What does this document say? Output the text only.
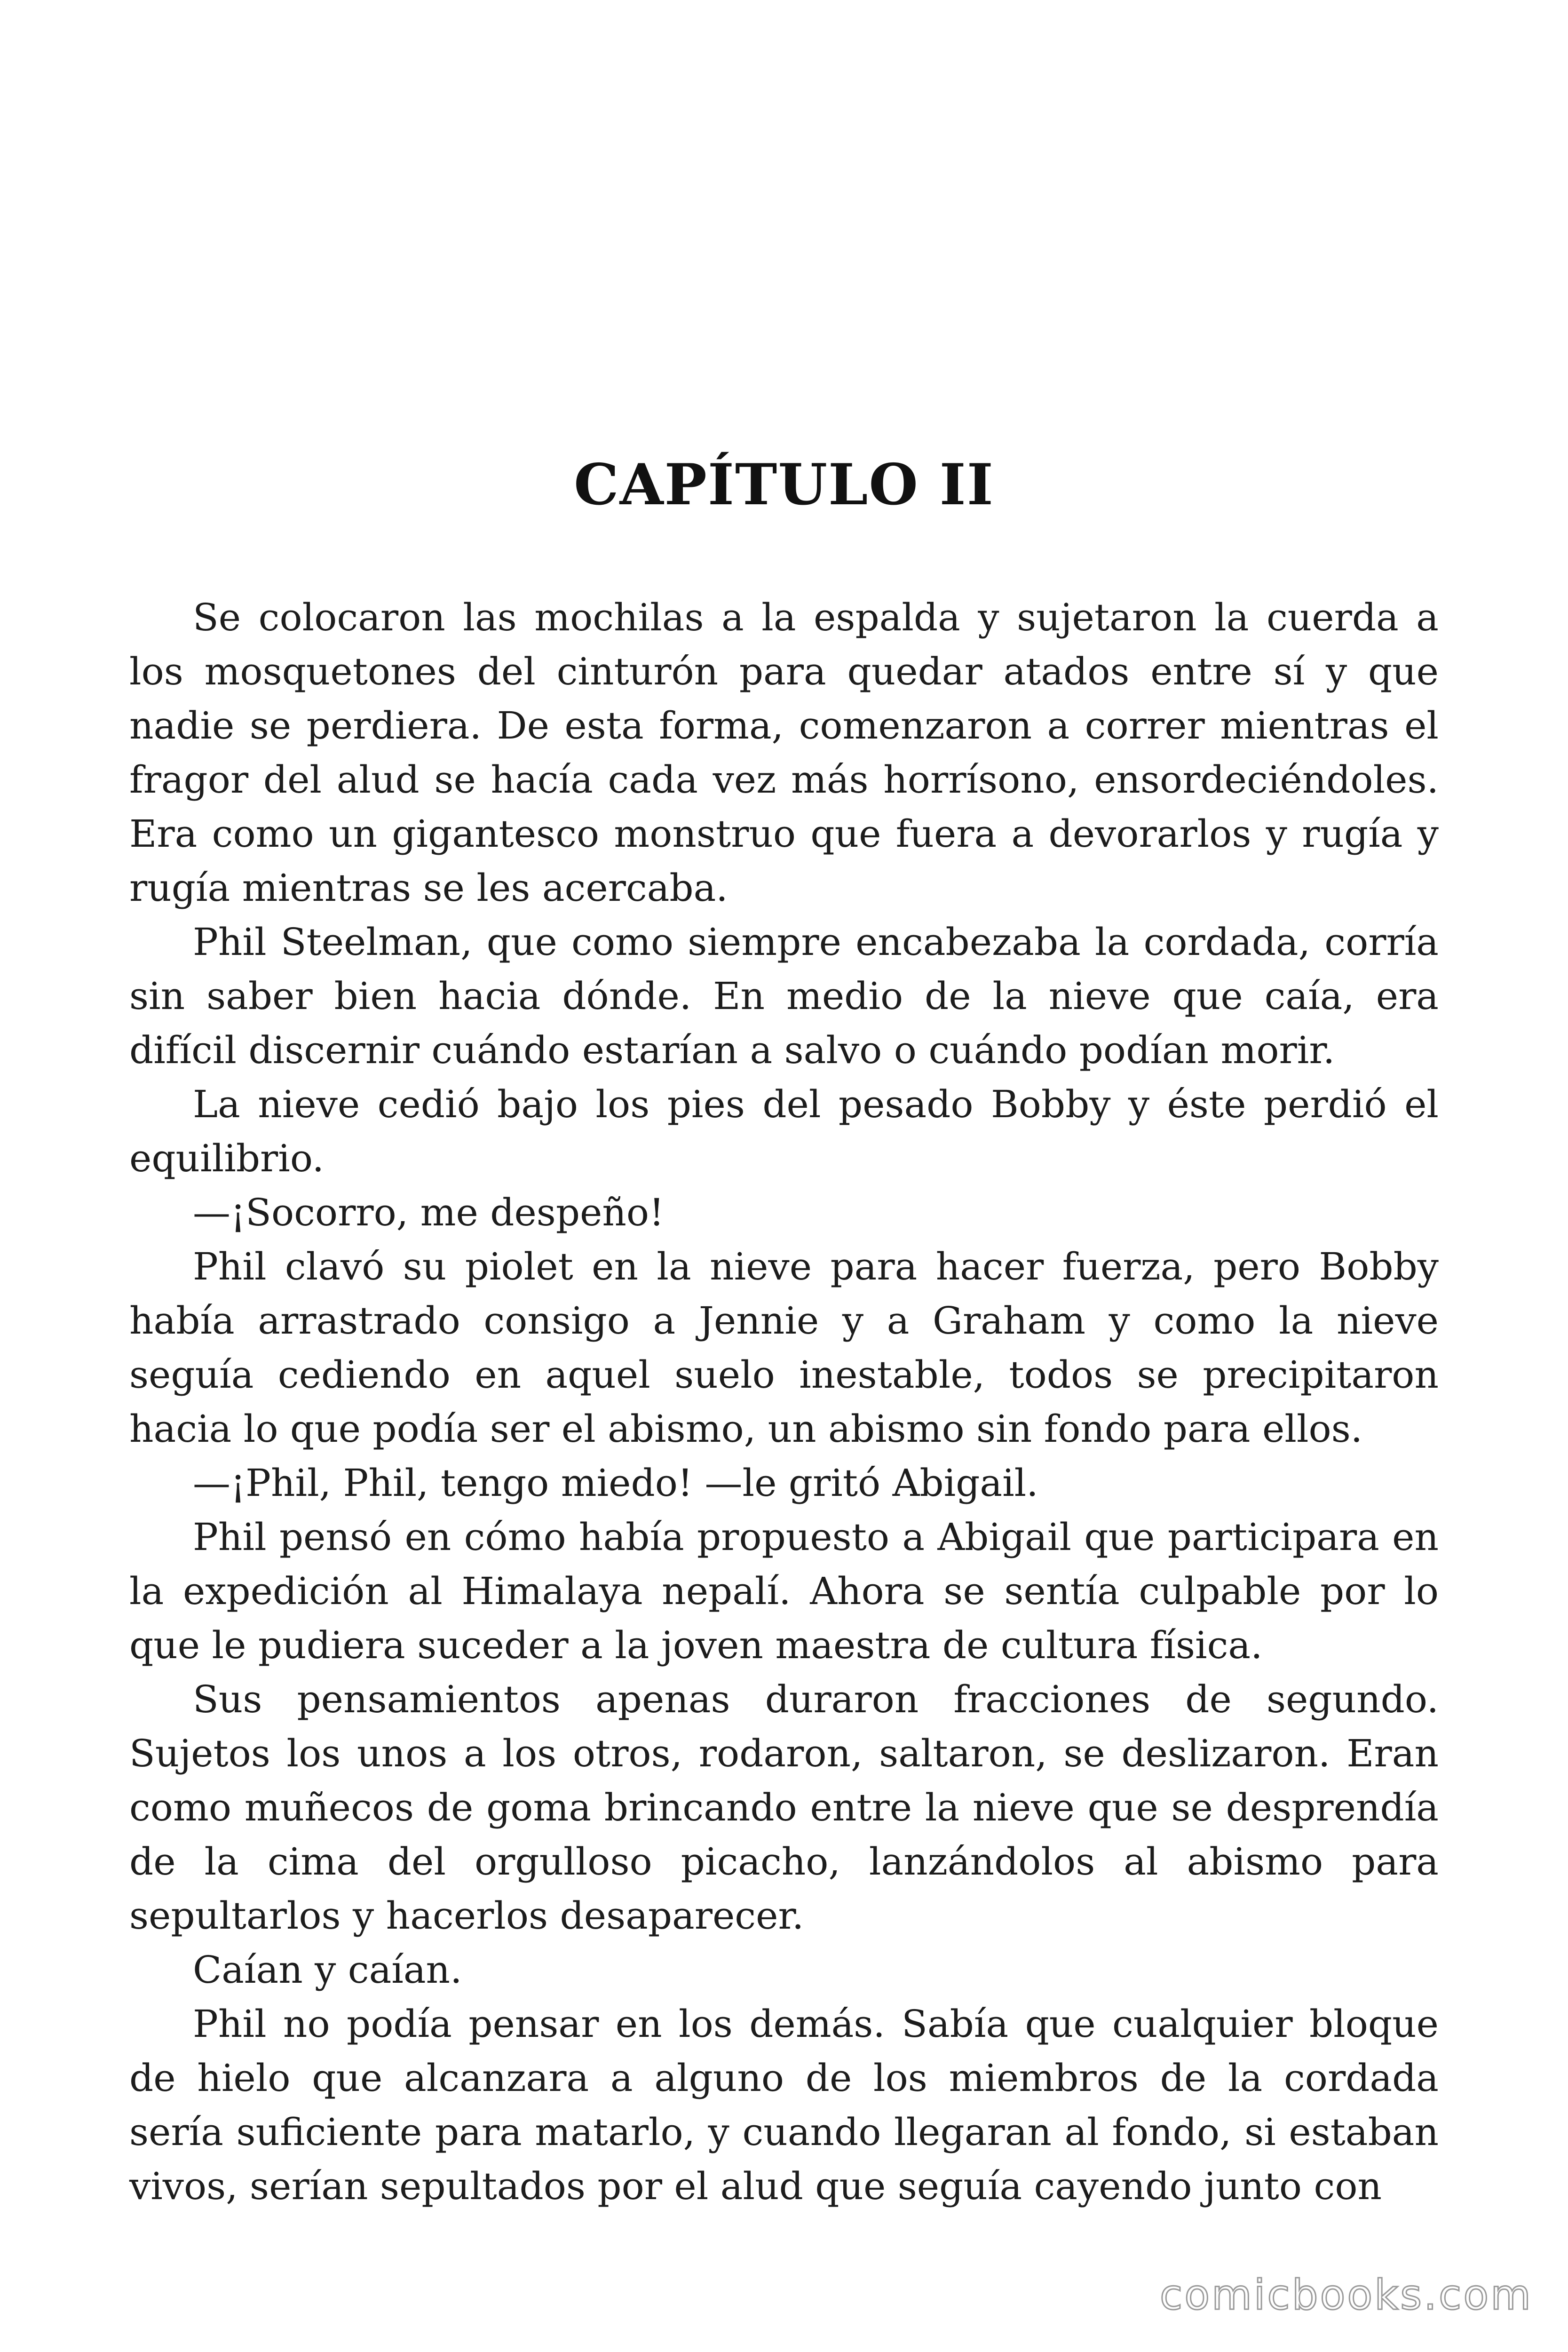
CAPÍTULO II

Se colocaron las mochilas a la espalda y sujetaron la cuerda a los mosquetones del cinturón para quedar atados entre sí y que nadie se perdiera. De esta forma, comenzaron a correr mientras el fragor del alud se hacía cada vez más horrísono, ensordeciéndoles. Era como un gigantesco monstruo que fuera a devorarlos y rugía y rugía mientras se les acercaba.

Phil Steelman, que como siempre encabezaba la cordada, corría sin saber bien hacia dónde. En medio de la nieve que caía, era difícil discernir cuándo estarían a salvo o cuándo podían morir.

La nieve cedió bajo los pies del pesado Bobby y éste perdió el equilibrio.

—¡Socorro, me despeño!

Phil clavó su piolet en la nieve para hacer fuerza, pero Bobby había arrastrado consigo a Jennie y a Graham y como la nieve seguía cediendo en aquel suelo inestable, todos se precipitaron hacia lo que podía ser el abismo, un abismo sin fondo para ellos.

—¡Phil, Phil, tengo miedo! —le gritó Abigail.

Phil pensó en cómo había propuesto a Abigail que participara en la expedición al Himalaya nepalí. Ahora se sentía culpable por lo que le pudiera suceder a la joven maestra de cultura física.

Sus pensamientos apenas duraron fracciones de segundo. Sujetos los unos a los otros, rodaron, saltaron, se deslizaron. Eran como muñecos de goma brincando entre la nieve que se desprendía de la cima del orgulloso picacho, lanzándolos al abismo para sepultarlos y hacerlos desaparecer.

Caían y caían.

Phil no podía pensar en los demás. Sabía que cualquier bloque de hielo que alcanzara a alguno de los miembros de la cordada sería suficiente para matarlo, y cuando llegaran al fondo, si estaban vivos, serían sepultados por el alud que seguía cayendo junto con

comicbooks.com
